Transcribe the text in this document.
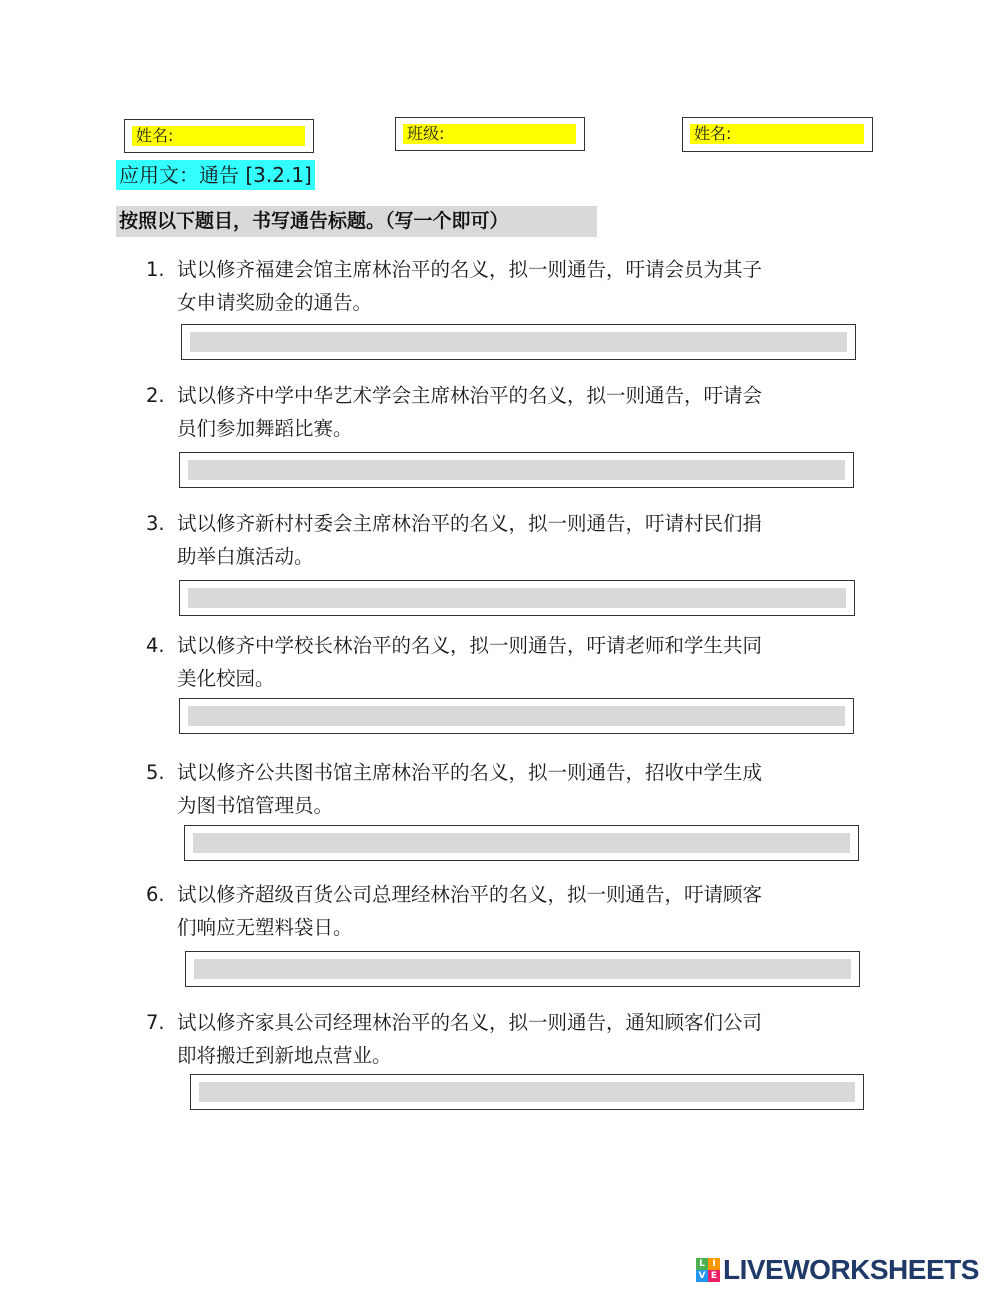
姓名:	班级:	姓名:
应用文：通告 [3.2.1]
按照以下题目，书写通告标题。（写一个即可）
1. 试以修齐福建会馆主席林治平的名义，拟一则通告，吁请会员为其子
女申请奖励金的通告。
2. 试以修齐中学中华艺术学会主席林治平的名义，拟一则通告，吁请会
员们参加舞蹈比赛。
3. 试以修齐新村村委会主席林治平的名义，拟一则通告，吁请村民们捐
助举白旗活动。
4. 试以修齐中学校长林治平的名义，拟一则通告，吁请老师和学生共同
美化校园。
5. 试以修齐公共图书馆主席林治平的名义，拟一则通告，招收中学生成
为图书馆管理员。
6. 试以修齐超级百货公司总理经林治平的名义，拟一则通告，吁请顾客
们响应无塑料袋日。
7. 试以修齐家具公司经理林治平的名义，拟一则通告，通知顾客们公司
即将搬迁到新地点营业。
L I
V E LIVEWORKSHEETS
